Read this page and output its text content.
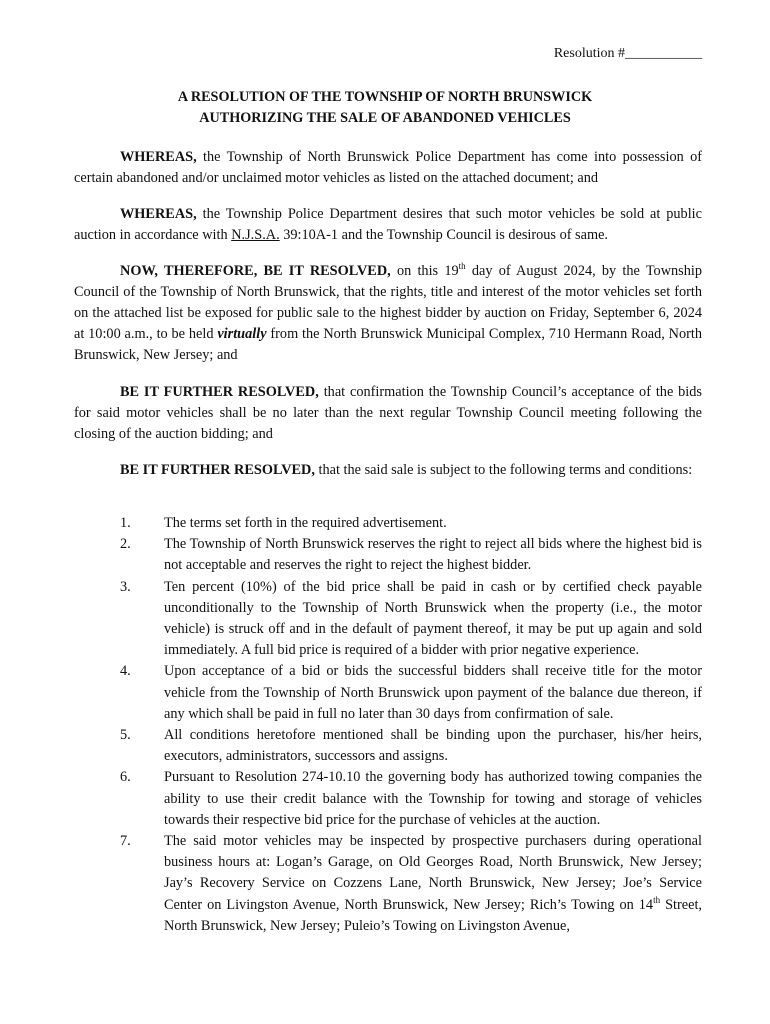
Resolution #___________
A RESOLUTION OF THE TOWNSHIP OF NORTH BRUNSWICK
AUTHORIZING THE SALE OF ABANDONED VEHICLES
WHEREAS, the Township of North Brunswick Police Department has come into possession of certain abandoned and/or unclaimed motor vehicles as listed on the attached document; and
WHEREAS, the Township Police Department desires that such motor vehicles be sold at public auction in accordance with N.J.S.A. 39:10A-1 and the Township Council is desirous of same.
NOW, THEREFORE, BE IT RESOLVED, on this 19th day of August 2024, by the Township Council of the Township of North Brunswick, that the rights, title and interest of the motor vehicles set forth on the attached list be exposed for public sale to the highest bidder by auction on Friday, September 6, 2024 at 10:00 a.m., to be held virtually from the North Brunswick Municipal Complex, 710 Hermann Road, North Brunswick, New Jersey; and
BE IT FURTHER RESOLVED, that confirmation the Township Council’s acceptance of the bids for said motor vehicles shall be no later than the next regular Township Council meeting following the closing of the auction bidding; and
BE IT FURTHER RESOLVED, that the said sale is subject to the following terms and conditions:
1.	The terms set forth in the required advertisement.
2.	The Township of North Brunswick reserves the right to reject all bids where the highest bid is not acceptable and reserves the right to reject the highest bidder.
3.	Ten percent (10%) of the bid price shall be paid in cash or by certified check payable unconditionally to the Township of North Brunswick when the property (i.e., the motor vehicle) is struck off and in the default of payment thereof, it may be put up again and sold immediately. A full bid price is required of a bidder with prior negative experience.
4.	Upon acceptance of a bid or bids the successful bidders shall receive title for the motor vehicle from the Township of North Brunswick upon payment of the balance due thereon, if any which shall be paid in full no later than 30 days from confirmation of sale.
5.	All conditions heretofore mentioned shall be binding upon the purchaser, his/her heirs, executors, administrators, successors and assigns.
6.	Pursuant to Resolution 274-10.10 the governing body has authorized towing companies the ability to use their credit balance with the Township for towing and storage of vehicles towards their respective bid price for the purchase of vehicles at the auction.
7.	The said motor vehicles may be inspected by prospective purchasers during operational business hours at: Logan’s Garage, on Old Georges Road, North Brunswick, New Jersey; Jay’s Recovery Service on Cozzens Lane, North Brunswick, New Jersey; Joe’s Service Center on Livingston Avenue, North Brunswick, New Jersey; Rich’s Towing on 14th Street, North Brunswick, New Jersey; Puleio’s Towing on Livingston Avenue,
